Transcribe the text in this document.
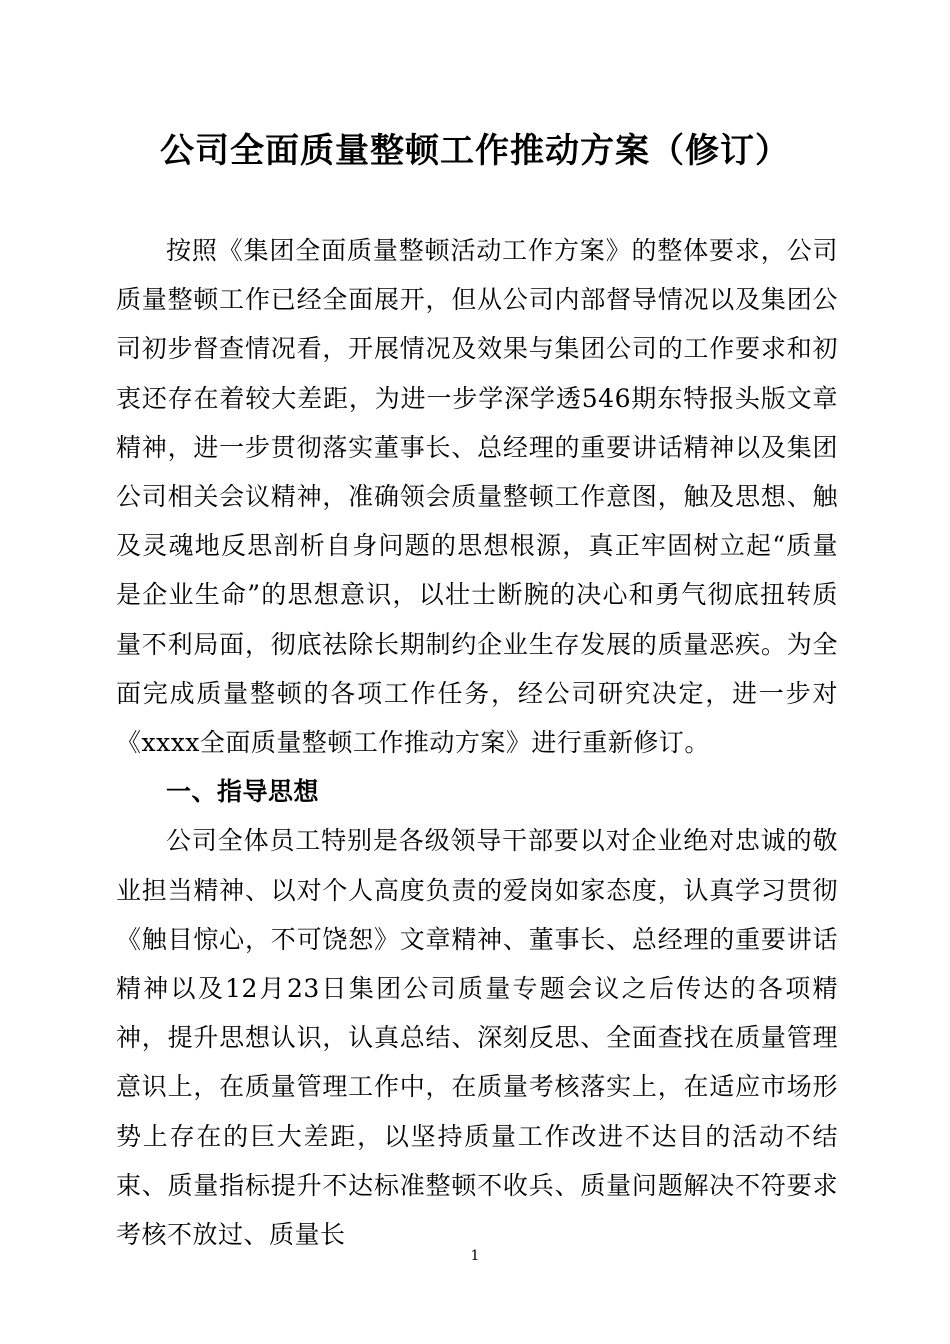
公司全面质量整顿工作推动方案（修订）

按照《集团全面质量整顿活动工作方案》的整体要求，公司质量整顿工作已经全面展开，但从公司内部督导情况以及集团公司初步督查情况看，开展情况及效果与集团公司的工作要求和初衷还存在着较大差距，为进一步学深学透546期东特报头版文章精神，进一步贯彻落实董事长、总经理的重要讲话精神以及集团公司相关会议精神，准确领会质量整顿工作意图，触及思想、触及灵魂地反思剖析自身问题的思想根源，真正牢固树立起“质量是企业生命”的思想意识，以壮士断腕的决心和勇气彻底扭转质量不利局面，彻底祛除长期制约企业生存发展的质量恶疾。为全面完成质量整顿的各项工作任务，经公司研究决定，进一步对《xxxx全面质量整顿工作推动方案》进行重新修订。

一、指导思想

公司全体员工特别是各级领导干部要以对企业绝对忠诚的敬业担当精神、以对个人高度负责的爱岗如家态度，认真学习贯彻《触目惊心，不可饶恕》文章精神、董事长、总经理的重要讲话精神以及12月23日集团公司质量专题会议之后传达的各项精神，提升思想认识，认真总结、深刻反思、全面查找在质量管理意识上，在质量管理工作中，在质量考核落实上，在适应市场形势上存在的巨大差距，以坚持质量工作改进不达目的活动不结束、质量指标提升不达标准整顿不收兵、质量问题解决不符要求考核不放过、质量长

1
